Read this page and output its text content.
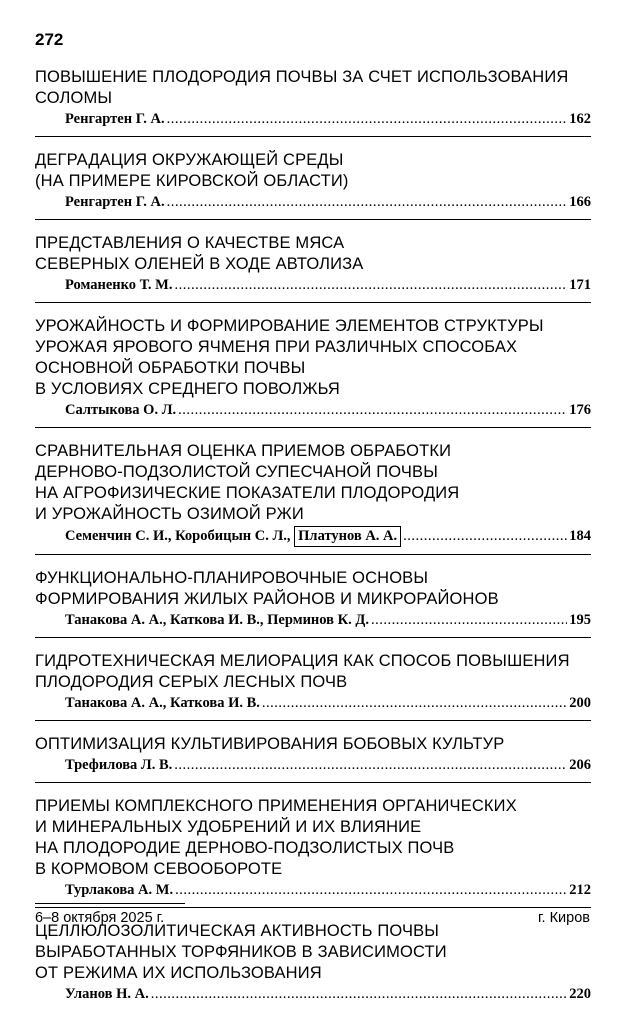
272
ПОВЫШЕНИЕ ПЛОДОРОДИЯ ПОЧВЫ ЗА СЧЕТ ИСПОЛЬЗОВАНИЯ
СОЛОМЫ
Ренгартен Г. А. .....	162
ДЕГРАДАЦИЯ ОКРУЖАЮЩЕЙ СРЕДЫ
(НА ПРИМЕРЕ КИРОВСКОЙ ОБЛАСТИ)
Ренгартен Г. А. .....	166
ПРЕДСТАВЛЕНИЯ О КАЧЕСТВЕ МЯСА
СЕВЕРНЫХ ОЛЕНЕЙ В ХОДЕ АВТОЛИЗА
Романенко Т. М. .....	171
УРОЖАЙНОСТЬ И ФОРМИРОВАНИЕ ЭЛЕМЕНТОВ СТРУКТУРЫ
УРОЖАЯ ЯРОВОГО ЯЧМЕНЯ ПРИ РАЗЛИЧНЫХ СПОСОБАХ
ОСНОВНОЙ ОБРАБОТКИ ПОЧВЫ
В УСЛОВИЯХ СРЕДНЕГО ПОВОЛЖЬЯ
Салтыкова О. Л. .....	176
СРАВНИТЕЛЬНАЯ ОЦЕНКА ПРИЕМОВ ОБРАБОТКИ
ДЕРНОВО-ПОДЗОЛИСТОЙ СУПЕСЧАНОЙ ПОЧВЫ
НА АГРОФИЗИЧЕСКИЕ ПОКАЗАТЕЛИ ПЛОДОРОДИЯ
И УРОЖАЙНОСТЬ ОЗИМОЙ РЖИ
Семенчин С. И., Коробицын С. Л.,
Платунов А. А. .....	184
ФУНКЦИОНАЛЬНО-ПЛАНИРОВОЧНЫЕ ОСНОВЫ
ФОРМИРОВАНИЯ ЖИЛЫХ РАЙОНОВ И МИКРОРАЙОНОВ
Танакова А. А., Каткова И. В., Перминов К. Д. .....	195
ГИДРОТЕХНИЧЕСКАЯ МЕЛИОРАЦИЯ КАК СПОСОБ ПОВЫШЕНИЯ
ПЛОДОРОДИЯ СЕРЫХ ЛЕСНЫХ ПОЧВ
Танакова А. А., Каткова И. В. .....	200
ОПТИМИЗАЦИЯ КУЛЬТИВИРОВАНИЯ БОБОВЫХ КУЛЬТУР
Трефилова Л. В. .....	206
ПРИЕМЫ КОМПЛЕКСНОГО ПРИМЕНЕНИЯ ОРГАНИЧЕСКИХ
И МИНЕРАЛЬНЫХ УДОБРЕНИЙ И ИХ ВЛИЯНИЕ
НА ПЛОДОРОДИЕ ДЕРНОВО-ПОДЗОЛИСТЫХ ПОЧВ
В КОРМОВОМ СЕВООБОРОТЕ
Турлакова А. М. .....	212
ЦЕЛЛЮЛОЗОЛИТИЧЕСКАЯ АКТИВНОСТЬ ПОЧВЫ
ВЫРАБОТАННЫХ ТОРФЯНИКОВ В ЗАВИСИМОСТИ
ОТ РЕЖИМА ИХ ИСПОЛЬЗОВАНИЯ
Уланов Н. А. .....	220
6–8 октября 2025 г.	г. Киров
